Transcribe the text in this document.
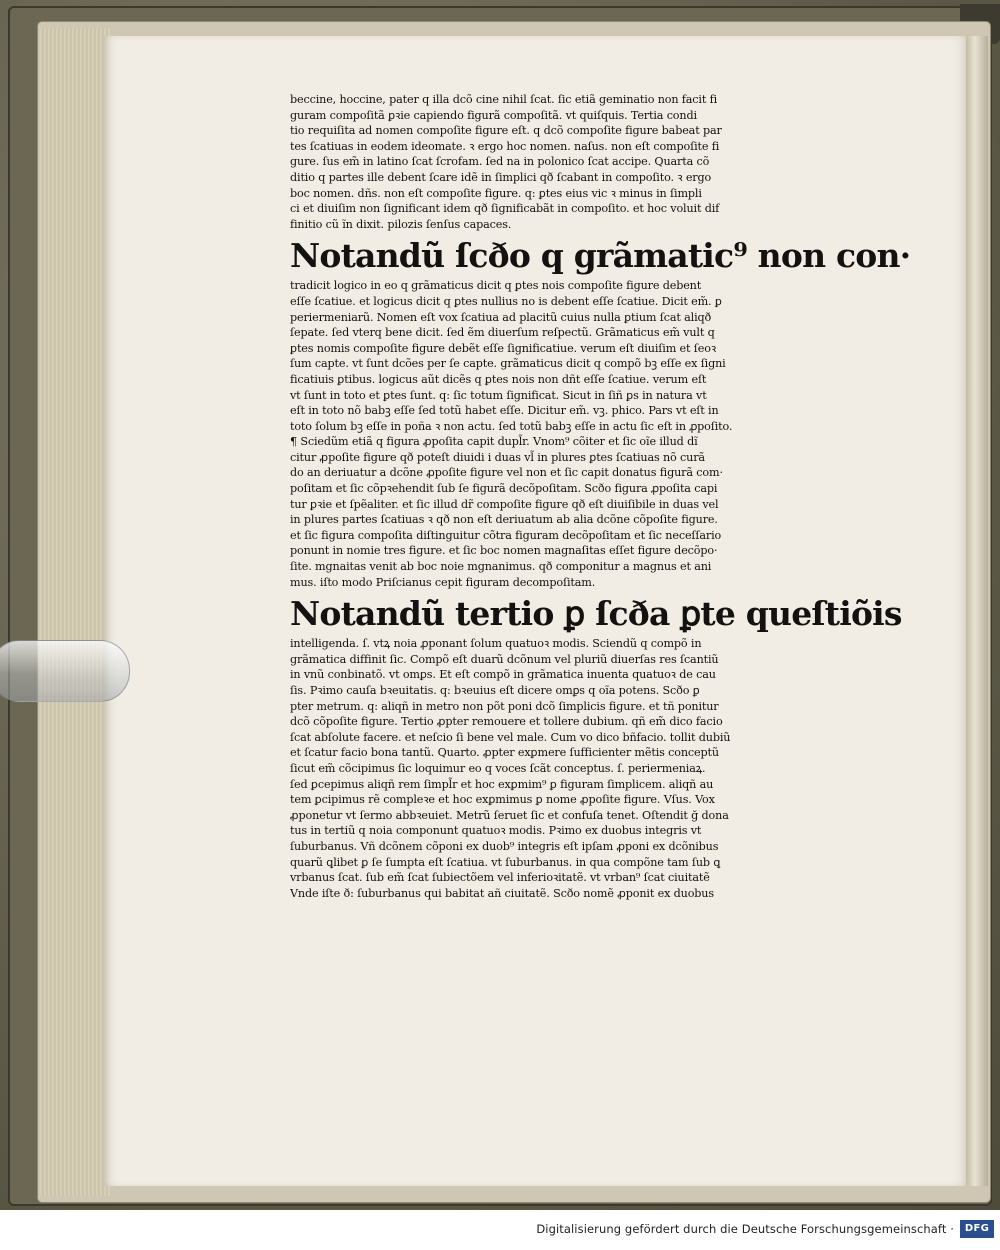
beccine, hoccine, pater q illa dcõ cine nihil ſcat. ſic etiã geminatio non facit fi
guram compoſitã ꝑꝛie capiendo figurã compoſitã. vt quiſquis. Tertia condi
tio requiſita ad nomen compoſite figure eſt. q dcõ compoſite figure babeat par
tes ſcatiuas in eodem ideomate. ꝛ ergo hoc nomen. naſus. non eſt compoſite fi
gure. ſus em̃ in latino ſcat ſcrofam. ſed na in polonico ſcat accipe. Quarta cõ
ditio q partes ille debent ſcare idẽ in ſimplici qð ſcabant in compoſito. ꝛ ergo
boc nomen. dñs. non eſt compoſite figure. q: ꝑtes eius vic ꝛ minus in ſimpli
ci et diuiſim non ſignificant idem qð ſignificabãt in compoſito. et hoc voluit dif
finitio cũ ĩn dixit. pilozis ſenſus capaces.
Notandũ ſcðo q grãmatic⁹ non con·
tradicit logico in eo q grãmaticus dicit q ꝑtes nois compoſite figure debent
eſſe ſcatiue. et logicus dicit q ꝑtes nullius no is debent eſſe ſcatiue. Dicit em̃. ꝑ
periermeniarũ. Nomen eſt vox ſcatiua ad placitũ cuius nulla ꝑtium ſcat aliqð
ſepate. ſed vterq bene dicit. ſed ẽm diuerſum reſpectũ. Grãmaticus em̃ vult q
ꝑtes nomis compoſite figure debẽt eſſe ſignificatiue. verum eſt diuiſim et ſeoꝛ
ſum capte. vt ſunt dcões per ſe capte. grãmaticus dicit q compõ bꝫ eſſe ex ſigni
ficatiuis ꝑtibus. logicus aũt dicẽs q ꝑtes nois non dñt eſſe ſcatiue. verum eſt
vt ſunt in toto et ꝑtes ſunt. q: ſic totum ſignificat. Sicut in ſiñ ꝑs in natura vt
eſt in toto nõ babꝫ eſſe ſed totũ habet eſſe. Dicitur em̃. vꝫ. phico. Pars vt eſt in
toto ſolum bꝫ eſſe in poña ꝛ non actu. ſed totũ babꝫ eſſe in actu ſic eſt in ꝓpoſito.
¶ Sciedũm etiã q figura ꝓpoſita capit dupl̃r. Vnom⁹ cõiter et ſic oĩe illud dĩ
citur ꝓpoſite figure qð poteſt diuidi i duas vl̃ in plures ꝑtes ſcatiuas nõ curã
do an deriuatur a dcõne ꝓpoſite figure vel non et ſic capit donatus figurã com·
poſitam et ſic cõpꝛehendit ſub ſe figurã decõpoſitam. Scðo figura ꝓpoſita capi
tur ꝑꝛie et ſpẽaliter. et ſic illud dr̃ compoſite figure qð eſt diuiſibile in duas vel
in plures partes ſcatiuas ꝛ qð non eſt deriuatum ab alia dcõne cõpoſite figure.
et ſic figura compoſita diſtinguitur cõtra figuram decõpoſitam et ſic neceſſario
ponunt in nomie tres figure. et ſic boc nomen magnaſitas eſſet figure decõpo·
ſite. mgnaitas venit ab boc noie mgnanimus. qð componitur a magnus et ani
mus. iſto modo Priſcianus cepit figuram decompoſitam.
Notandũ tertio ꝑ ſcða ꝑte queſtiõis
intelligenda. ſ. vtꝝ noia ꝓponant ſolum quatuoꝛ modis. Sciendũ q compõ in
grãmatica diffinit ſic. Compõ eſt duarũ dcõnum vel pluriũ diuerſas res ſcantiũ
in vnũ conbinatõ. vt omꝑs. Et eſt compõ in grãmatica inuenta quatuoꝛ de cau
ſis. Pꝛimo cauſa bꝛeuitatis. q: bꝛeuius eſt dicere omꝑs q oĩa potens. Scðo ꝑ
pter metrum. q: aliqñ in metro non põt poni dcõ ſimplicis figure. et tñ ponitur
dcõ cõpoſite figure. Tertio ꝓpter remouere et tollere dubium. qñ em̃ dico facio
ſcat abſolute facere. et neſcio ſi bene vel male. Cum vo dico bñfacio. tollit dubiũ
et ſcatur facio bona tantũ. Quarto. ꝓpter exꝑmere ſufficienter mẽtis conceptũ
ſicut em̃ cõcipimus ſic loquimur eo q voces ſcãt conceptus. ſ. periermeniaꝝ.
ſed ꝑcepimus aliqñ rem ſimpl̃r et hoc exꝑmim⁹ ꝑ figuram ſimplicem. aliqñ au
tem ꝑcipimus rẽ compleꝛe et hoc exꝑmimus ꝑ nome ꝓpoſite figure. Vſus. Vox
ꝓponetur vt ſermo abbꝛeuiet. Metrũ ſeruet ſic et confuſa tenet. Oſtendit ğ dona
tus in tertiũ q noia componunt quatuoꝛ modis. Pꝛimo ex duobus integris vt
ſuburbanus. Vñ dcõnem cõponi ex duob⁹ integris eſt ipſam ꝓponi ex dcõnibus
quarũ ꝗlibet ꝑ ſe ſumpta eſt ſcatiua. vt ſuburbanus. in qua compõne tam ſub ꝗ
vrbanus ſcat. ſub em̃ ſcat ſubiectõem vel inferioꝛitatẽ. vt vrban⁹ ſcat ciuitatẽ
Vnde iſte ð: ſuburbanus qui babitat añ ciuitatẽ. Scðo nomẽ ꝓponit ex duobus
Digitalisierung gefördert durch die Deutsche Forschungsgemeinschaft ·	DFG
